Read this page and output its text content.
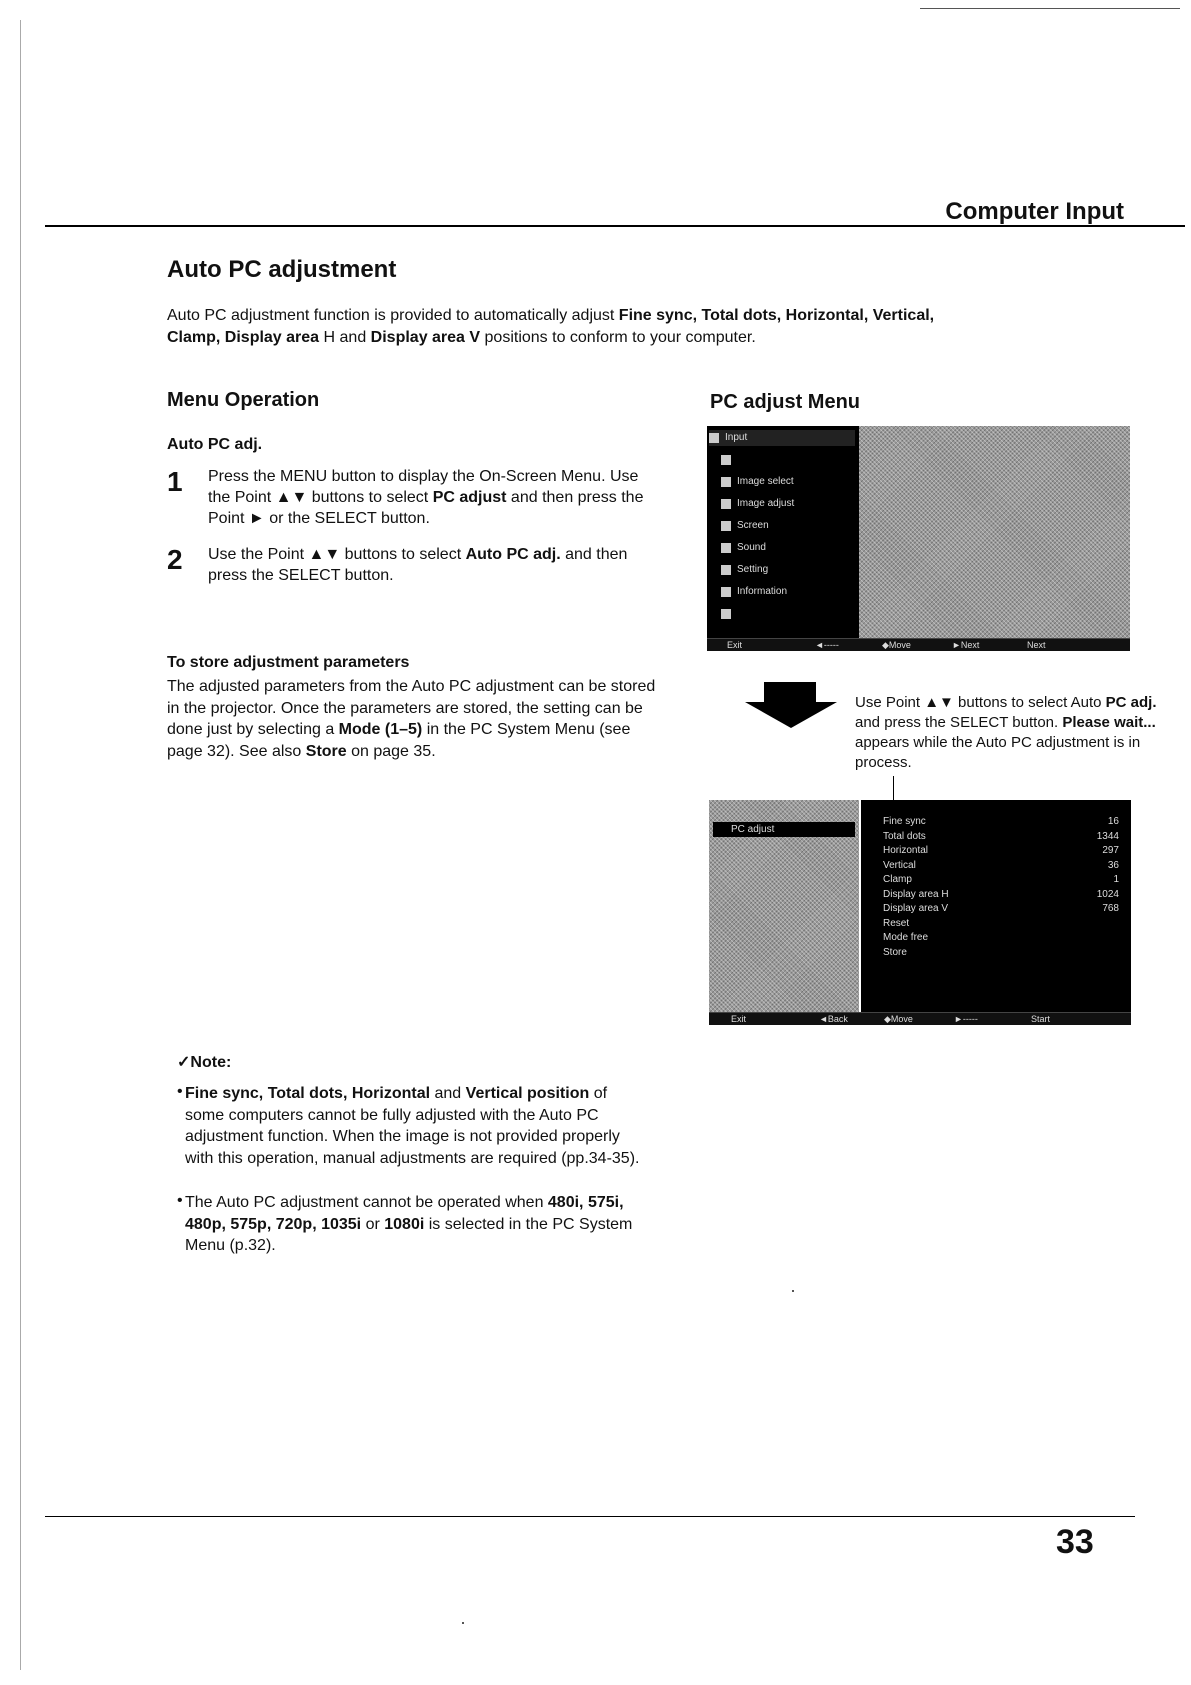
Computer Input
Auto PC adjustment

Auto PC adjustment function is provided to automatically adjust Fine sync, Total dots, Horizontal, Vertical,
Clamp, Display area H and Display area V positions to conform to your computer.

Menu Operation
Auto PC adj.
1 Press the MENU button to display the On-Screen Menu. Use the Point ▲▼ buttons to select PC adjust and then press the Point ► or the SELECT button.

2 Use the Point ▲▼ buttons to select Auto PC adj. and then press the SELECT button.

To store adjustment parameters

The adjusted parameters from the Auto PC adjustment can be stored in the projector. Once the parameters are stored, the setting can be done just by selecting a Mode (1–5) in the PC System Menu (see page 32). See also Store on page 35.

PC adjust Menu
Input
Image select
Image adjust
Screen
Sound
Setting
Information
Exit	◄-----	◆Move	►Next	Next

Use Point ▲▼ buttons to select Auto PC adj. and press the SELECT button. Please wait... appears while the Auto PC adjustment is in process.

PC adjust
Fine sync	16
Total dots	1344
Horizontal	297
Vertical	36
Clamp	1
Display area H	1024
Display area V	768
Reset
Mode free
Store
Exit	◄Back	◆Move	►-----	Start
✓Note:
• Fine sync, Total dots, Horizontal and Vertical position of some computers cannot be fully adjusted with the Auto PC adjustment function. When the image is not provided properly with this operation, manual adjustments are required (pp.34-35).

• The Auto PC adjustment cannot be operated when 480i, 575i, 480p, 575p, 720p, 1035i or 1080i is selected in the PC System Menu (p.32).

33
